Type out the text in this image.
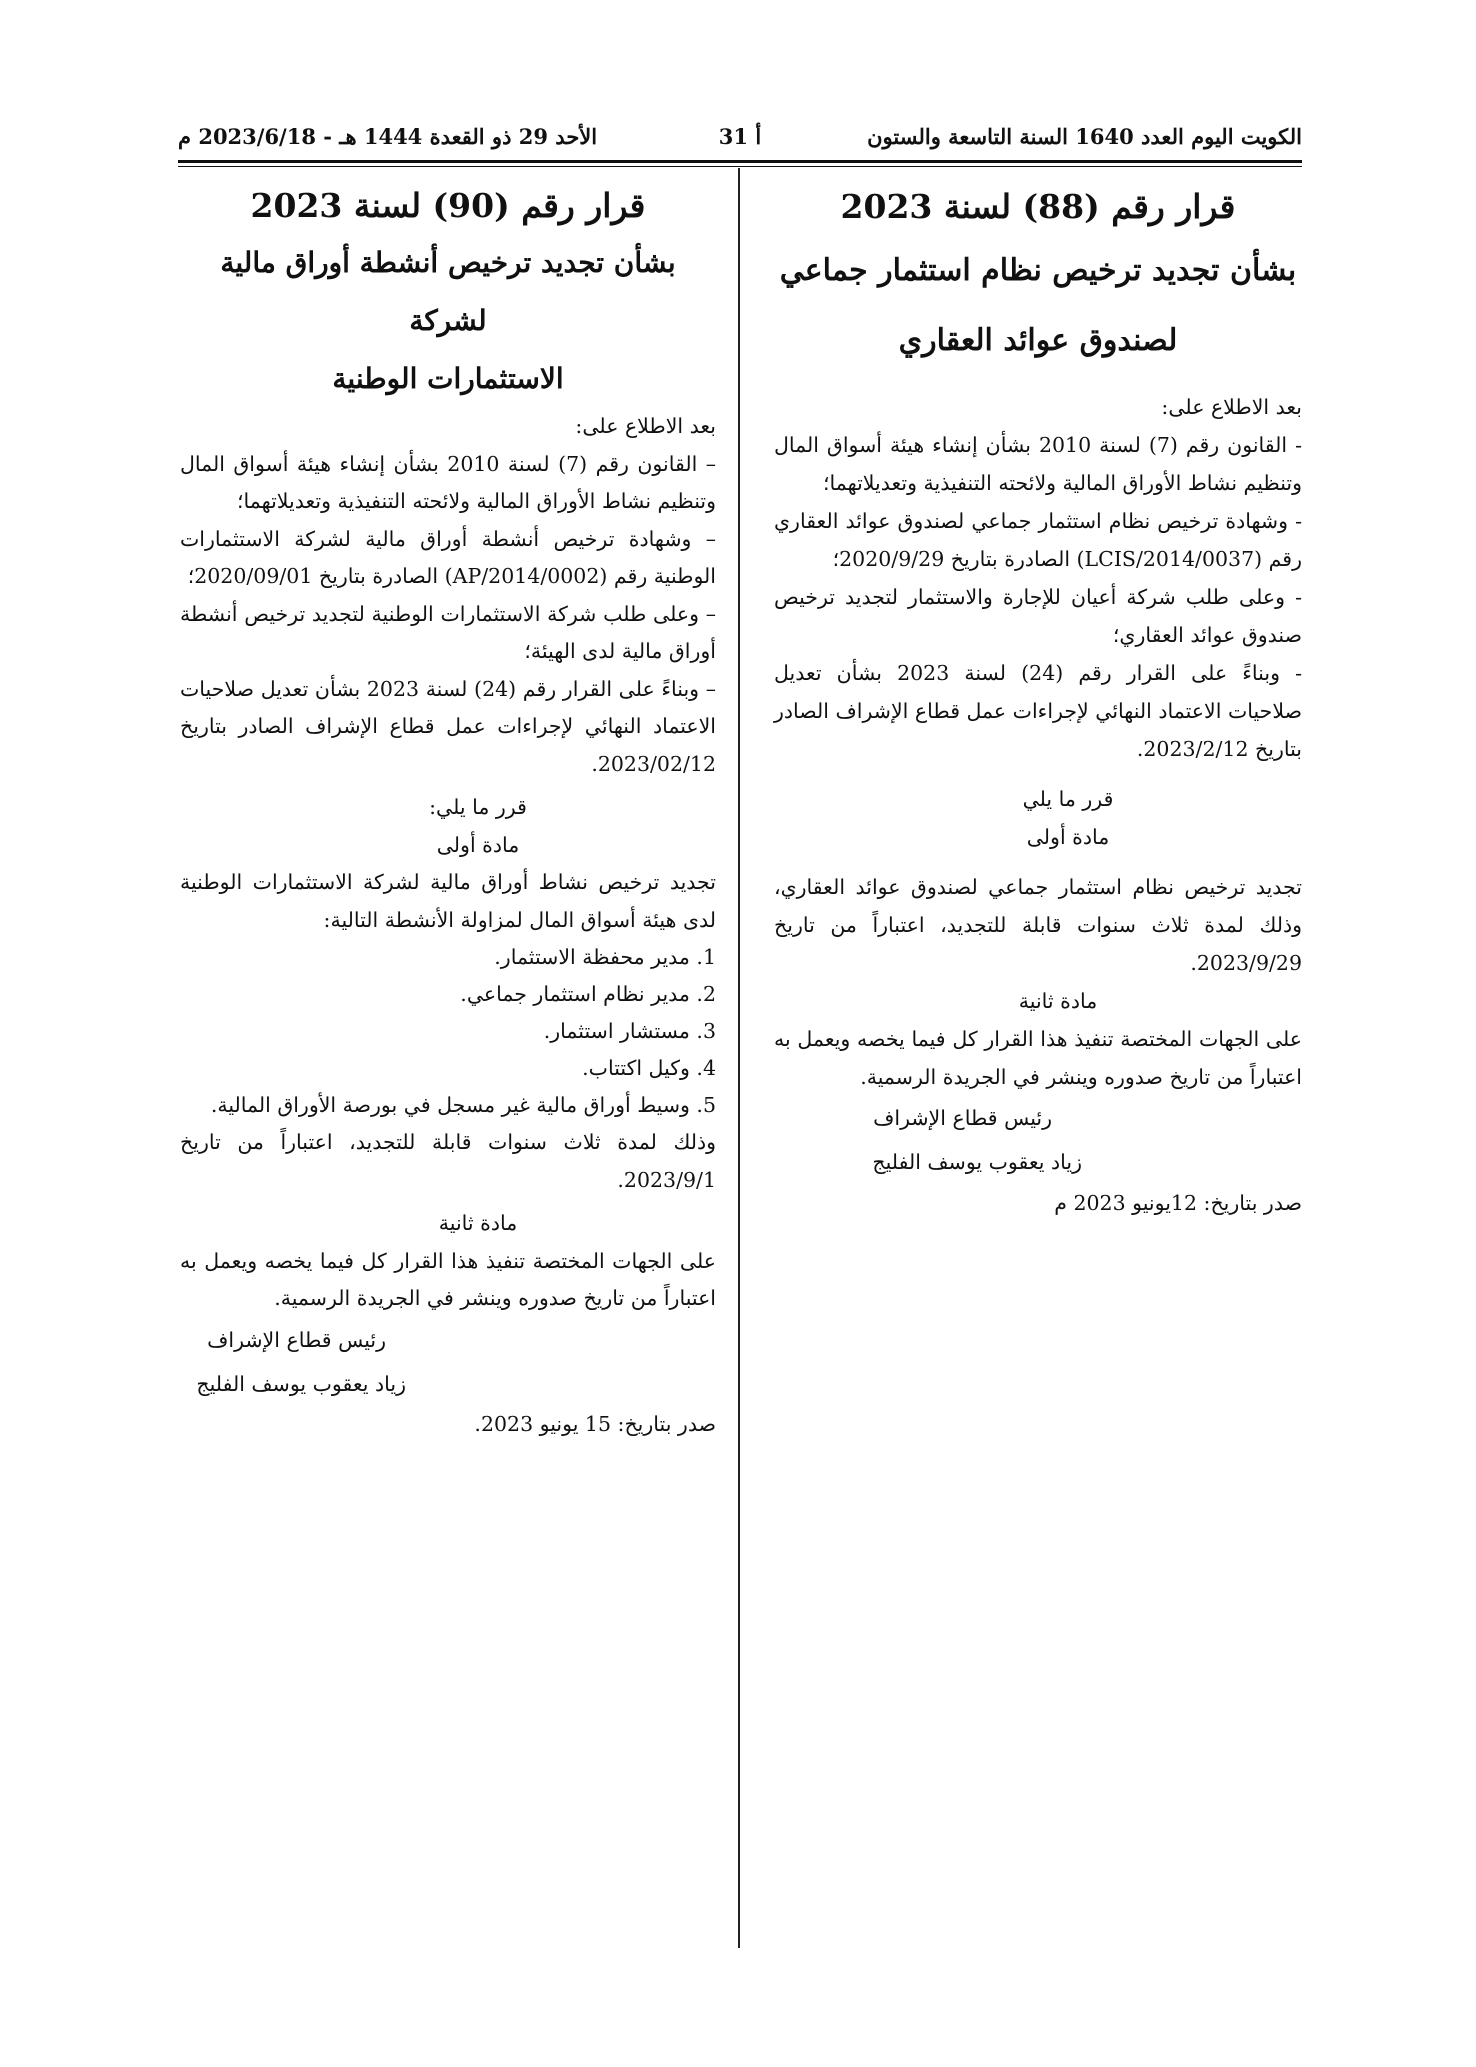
الكويت اليوم العدد 1640 السنة التاسعة والستون
أ 31
الأحد 29 ذو القعدة 1444 هـ - 2023/6/18 م

قرار رقم (88) لسنة 2023

بشأن تجديد ترخيص نظام استثمار جماعي

لصندوق عوائد العقاري

بعد الاطلاع على:

- القانون رقم (7) لسنة 2010 بشأن إنشاء هيئة أسواق المال وتنظيم نشاط الأوراق المالية ولائحته التنفيذية وتعديلاتهما؛

- وشهادة ترخيص نظام استثمار جماعي لصندوق عوائد العقاري رقم (LCIS/2014/0037) الصادرة بتاريخ 2020/9/29؛

- وعلى طلب شركة أعيان للإجارة والاستثمار لتجديد ترخيص صندوق عوائد العقاري؛

- وبناءً على القرار رقم (24) لسنة 2023 بشأن تعديل صلاحيات الاعتماد النهائي لإجراءات عمل قطاع الإشراف الصادر بتاريخ 2023/2/12.

قرر ما يلي

مادة أولى

تجديد ترخيص نظام استثمار جماعي لصندوق عوائد العقاري، وذلك لمدة ثلاث سنوات قابلة للتجديد، اعتباراً من تاريخ 2023/9/29.

مادة ثانية

على الجهات المختصة تنفيذ هذا القرار كل فيما يخصه ويعمل به اعتباراً من تاريخ صدوره وينشر في الجريدة الرسمية.

رئيس قطاع الإشراف

زياد يعقوب يوسف الفليج

صدر بتاريخ: 12يونيو 2023 م

قرار رقم (90) لسنة 2023

بشأن تجديد ترخيص أنشطة أوراق مالية لشركة

الاستثمارات الوطنية

بعد الاطلاع على:

– القانون رقم (7) لسنة 2010 بشأن إنشاء هيئة أسواق المال وتنظيم نشاط الأوراق المالية ولائحته التنفيذية وتعديلاتهما؛

– وشهادة ترخيص أنشطة أوراق مالية لشركة الاستثمارات الوطنية رقم (AP/2014/0002) الصادرة بتاريخ 2020/09/01؛

– وعلى طلب شركة الاستثمارات الوطنية لتجديد ترخيص أنشطة أوراق مالية لدى الهيئة؛

– وبناءً على القرار رقم (24) لسنة 2023 بشأن تعديل صلاحيات الاعتماد النهائي لإجراءات عمل قطاع الإشراف الصادر بتاريخ 2023/02/12.

قرر ما يلي:

مادة أولى

تجديد ترخيص نشاط أوراق مالية لشركة الاستثمارات الوطنية لدى هيئة أسواق المال لمزاولة الأنشطة التالية:

1. مدير محفظة الاستثمار.

2. مدير نظام استثمار جماعي.

3. مستشار استثمار.

4. وكيل اكتتاب.

5. وسيط أوراق مالية غير مسجل في بورصة الأوراق المالية.

وذلك لمدة ثلاث سنوات قابلة للتجديد، اعتباراً من تاريخ 2023/9/1.

مادة ثانية

على الجهات المختصة تنفيذ هذا القرار كل فيما يخصه ويعمل به اعتباراً من تاريخ صدوره وينشر في الجريدة الرسمية.

رئيس قطاع الإشراف

زياد يعقوب يوسف الفليج

صدر بتاريخ: 15 يونيو 2023.
